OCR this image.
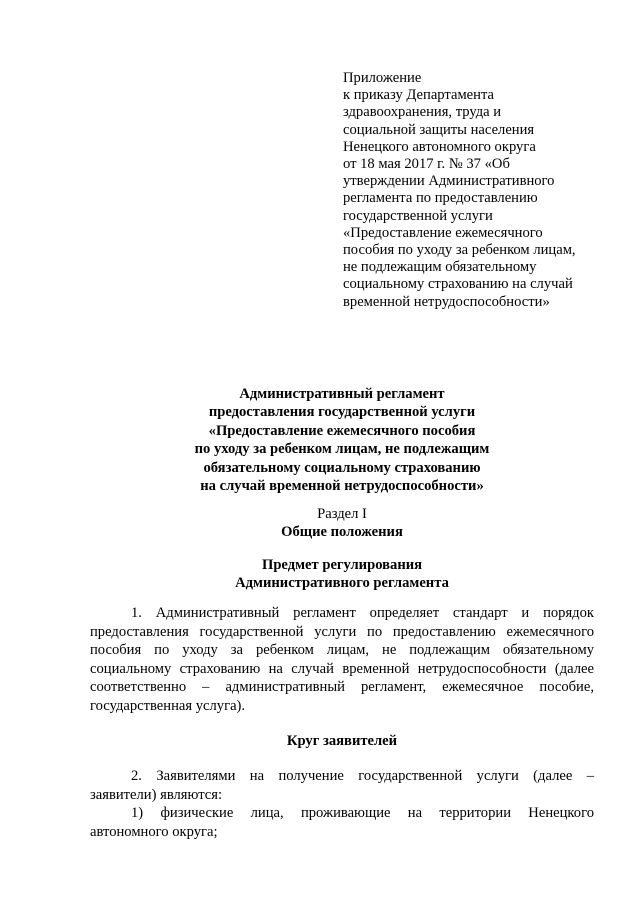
Приложение
к приказу Департамента
здравоохранения, труда и
социальной защиты населения
Ненецкого автономного округа
от 18 мая 2017 г. № 37 «Об
утверждении Административного
регламента по предоставлению
государственной услуги
«Предоставление ежемесячного
пособия по уходу за ребенком лицам,
не подлежащим обязательному
социальному страхованию на случай
временной нетрудоспособности»
Административный регламент
предоставления государственной услуги
«Предоставление ежемесячного пособия
по уходу за ребенком лицам, не подлежащим
обязательному социальному страхованию
на случай временной нетрудоспособности»
Раздел I
Общие положения
Предмет регулирования
Административного регламента
1. Административный регламент определяет стандарт и порядок
предоставления государственной услуги по предоставлению ежемесячного
пособия по уходу за ребенком лицам, не подлежащим обязательному
социальному страхованию на случай временной нетрудоспособности (далее
соответственно – административный регламент, ежемесячное пособие,
государственная услуга).
Круг заявителей
2. Заявителями на получение государственной услуги (далее –
заявители) являются:
1) физические лица, проживающие на территории Ненецкого
автономного округа;
